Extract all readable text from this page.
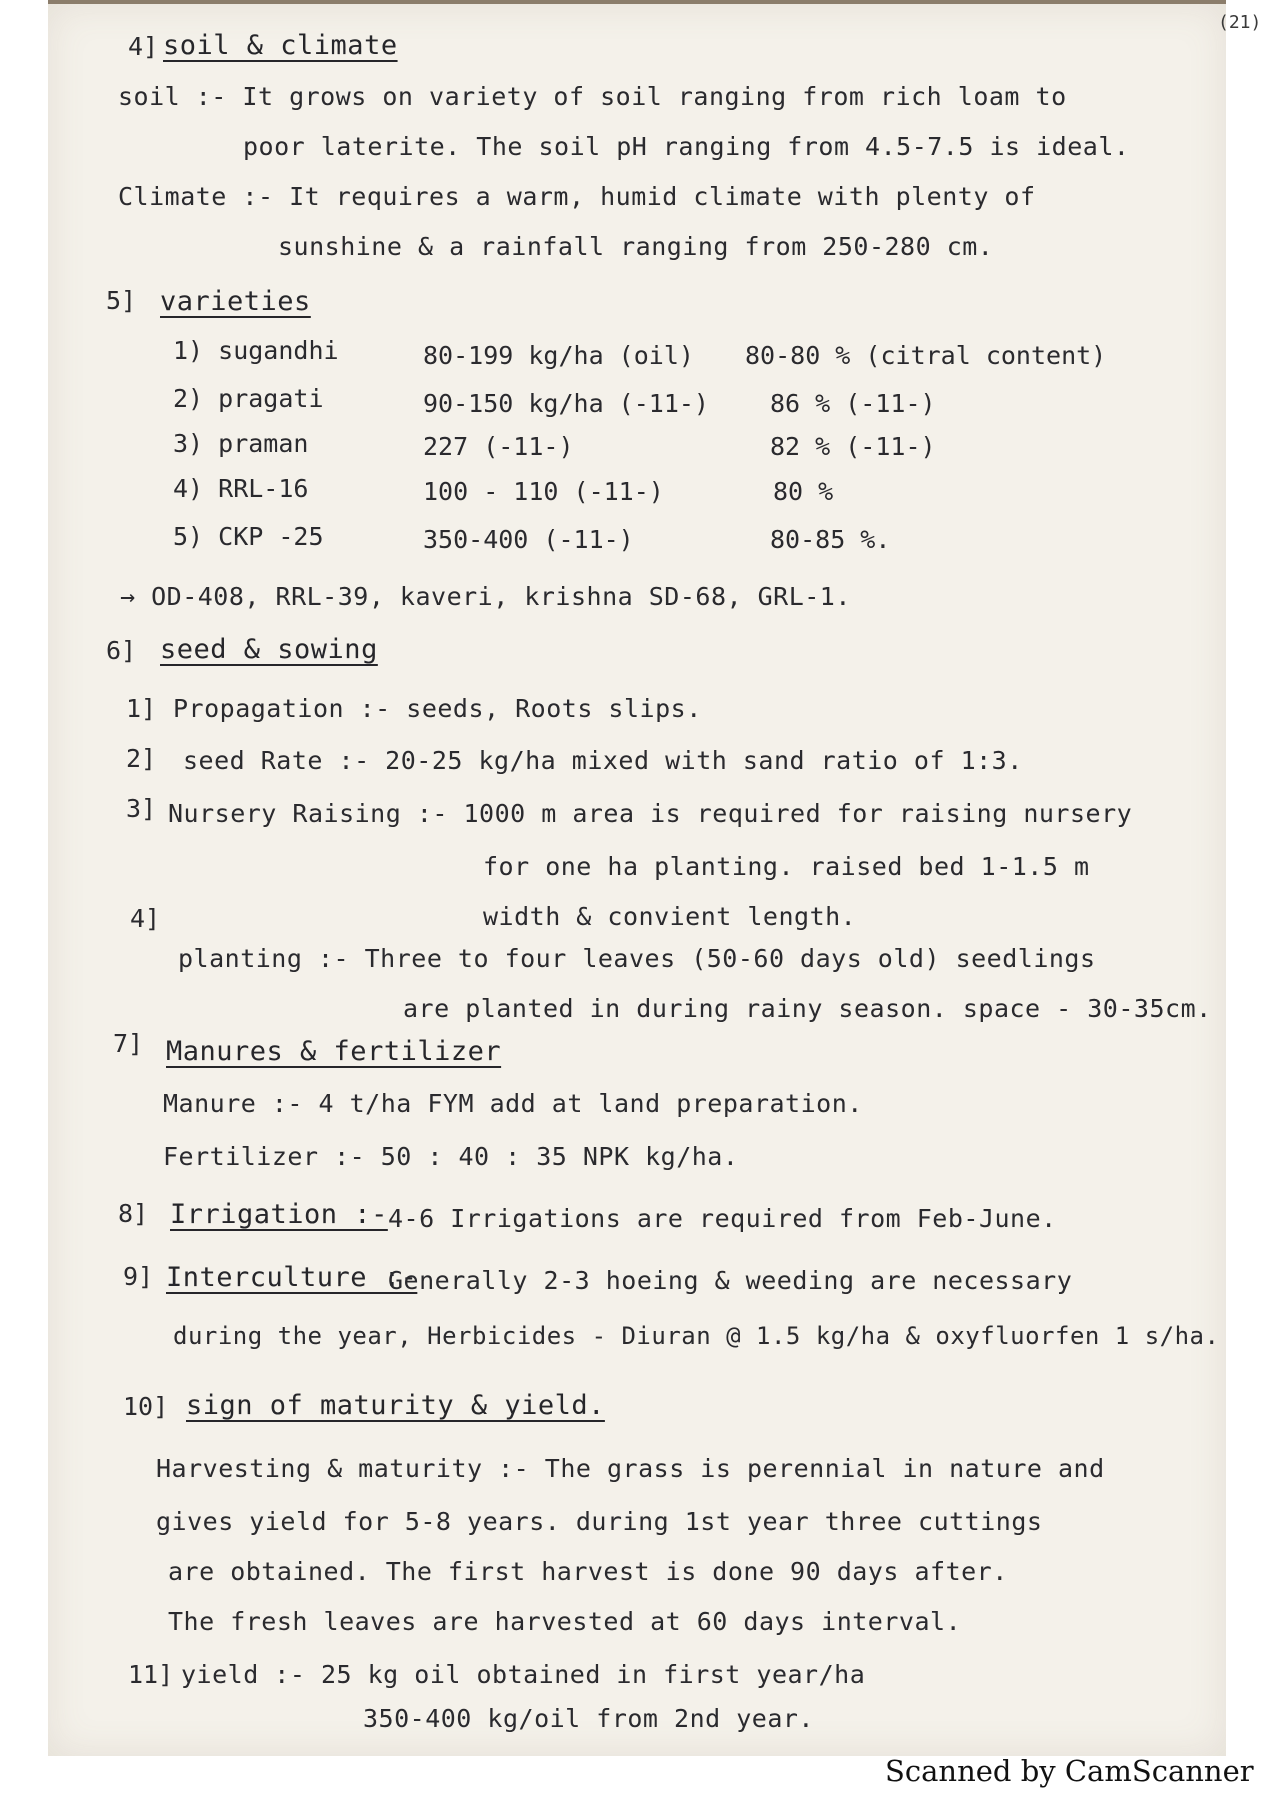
(21)
4] soil & climate
soil :- It grows on variety of soil ranging from rich loam to
poor laterite. The soil pH ranging from 4.5-7.5 is ideal.
Climate :- It requires a warm, humid climate with plenty of
sunshine & a rainfall ranging from 250-280 cm.
5] varieties
1) sugandhi	80-199 kg/ha (oil) 80-80 % (citral content)
2) pragati	90-150 kg/ha (-11-) 86 % (-11-)
3) praman	227 (-11-)	82 % (-11-)
4) RRL-16	100 - 110 (-11-)	80 %
5) CKP -25	350-400 (-11-)	80-85 %.
→ OD-408, RRL-39, kaveri, krishna SD-68, GRL-1.
6] seed & sowing
1] Propagation :- seeds, Roots slips.
2] seed Rate :- 20-25 kg/ha mixed with sand ratio of 1:3.
3] Nursery Raising :- 1000 m area is required for raising nursery
for one ha planting. raised bed 1-1.5 m
width & convient length.
4]
planting :- Three to four leaves (50-60 days old) seedlings
are planted in during rainy season. space - 30-35cm.
7] Manures & fertilizer
Manure :- 4 t/ha FYM add at land preparation.
Fertilizer :- 50 : 40 : 35 NPK kg/ha.
8] Irrigation :- 4-6 Irrigations are required from Feb-June.
9] Interculture :-
Generally 2-3 hoeing & weeding are necessary
during the year, Herbicides - Diuran @ 1.5 kg/ha & oxyfluorfen 1 s/ha.
10] sign of maturity & yield.
Harvesting & maturity :- The grass is perennial in nature and
gives yield for 5-8 years. during 1st year three cuttings
are obtained. The first harvest is done 90 days after.
The fresh leaves are harvested at 60 days interval.
11] yield :- 25 kg oil obtained in first year/ha
350-400 kg/oil from 2nd year.
Scanned by CamScanner
